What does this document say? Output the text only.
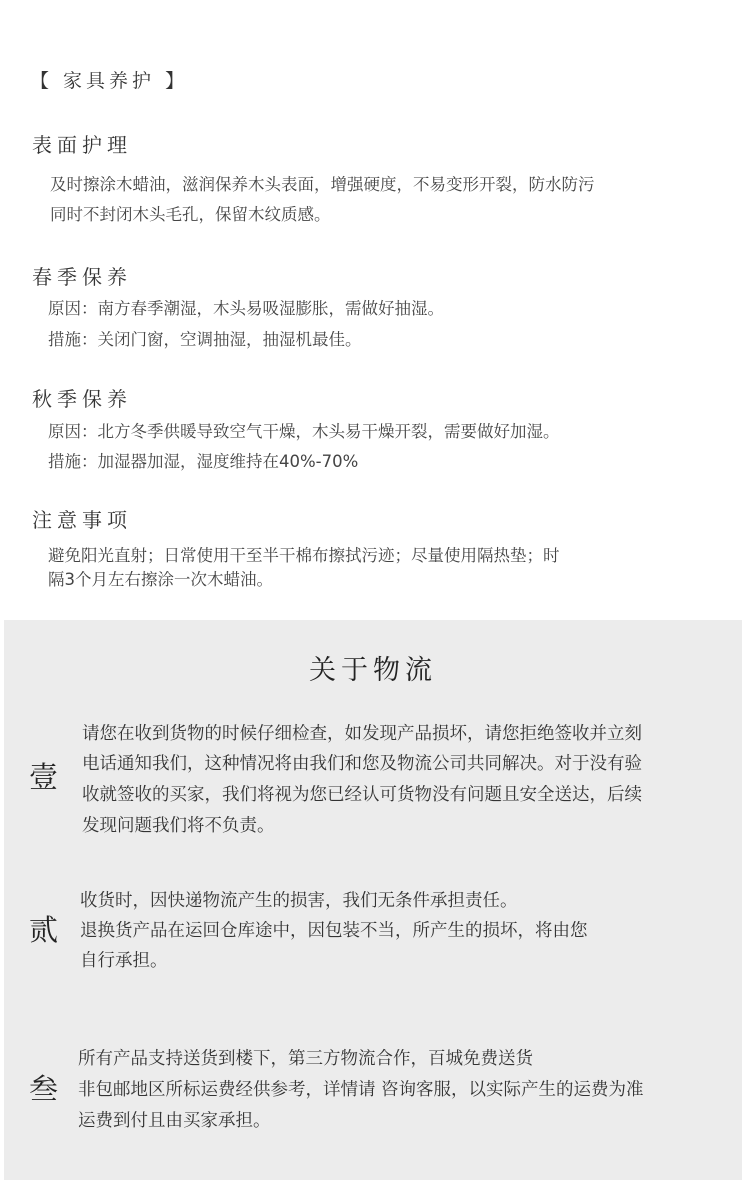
【 家具养护 】
表面护理
及时擦涂木蜡油，滋润保养木头表面，增强硬度，不易变形开裂，防水防污
同时不封闭木头毛孔，保留木纹质感。
春季保养
原因：南方春季潮湿，木头易吸湿膨胀，需做好抽湿。
措施：关闭门窗，空调抽湿，抽湿机最佳。
秋季保养
原因：北方冬季供暖导致空气干燥，木头易干燥开裂，需要做好加湿。
措施：加湿器加湿，湿度维持在40%-70%
注意事项
避免阳光直射；日常使用干至半干棉布擦拭污迹；尽量使用隔热垫；时
隔3个月左右擦涂一次木蜡油。
关于物流
壹
请您在收到货物的时候仔细检查，如发现产品损坏，请您拒绝签收并立刻
电话通知我们，这种情况将由我们和您及物流公司共同解决。对于没有验
收就签收的买家，我们将视为您已经认可货物没有问题且安全送达，后续
发现问题我们将不负责。
贰
收货时，因快递物流产生的损害，我们无条件承担责任。
退换货产品在运回仓库途中，因包装不当，所产生的损坏，将由您
自行承担。
叁
所有产品支持送货到楼下，第三方物流合作，百城免费送货
非包邮地区所标运费经供参考，详情请 咨询客服，以实际产生的运费为准
运费到付且由买家承担。
